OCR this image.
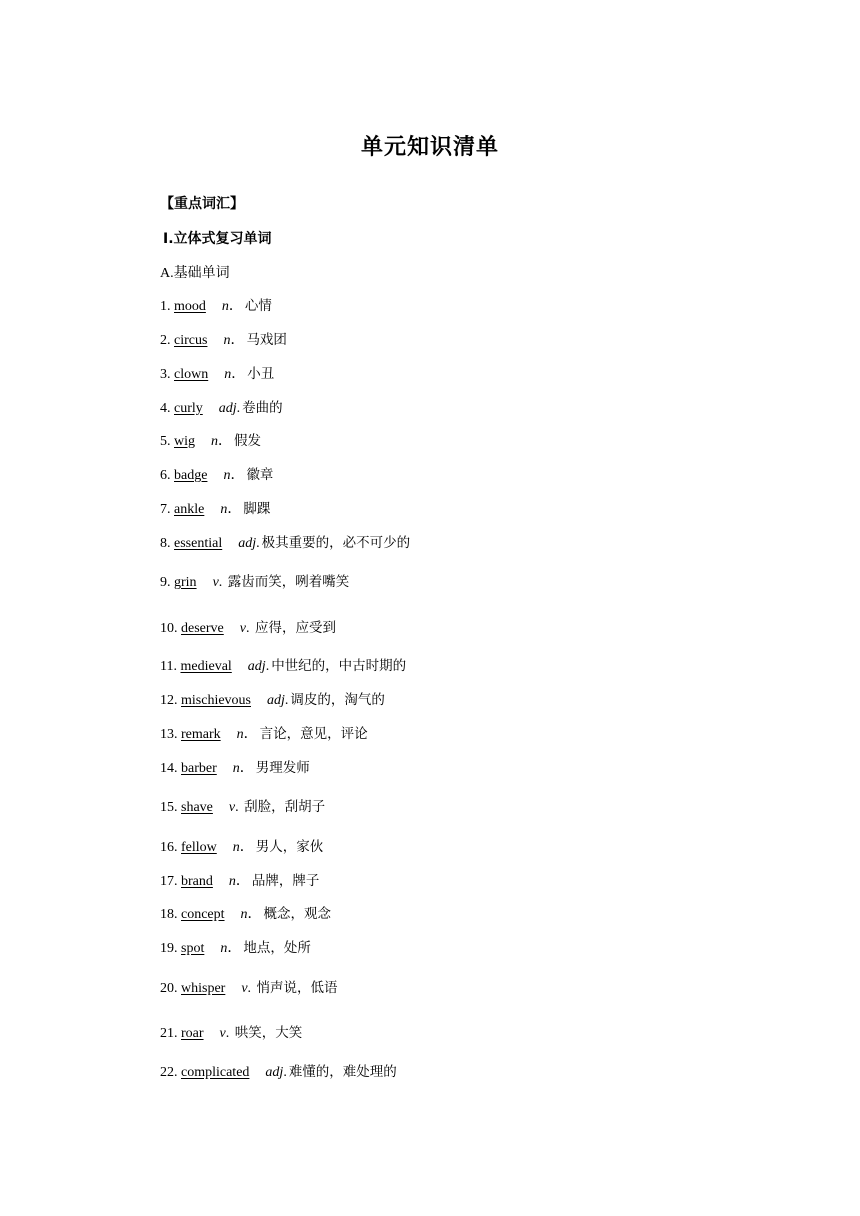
单元知识清单
【重点词汇】
Ⅰ.立体式复习单词
A.基础单词
1. mood n． 心情
2. circus n． 马戏团
3. clown n． 小丑
4. curly adj. 卷曲的
5. wig n． 假发
6. badge n． 徽章
7. ankle n． 脚踝
8. essential adj. 极其重要的，必不可少的
9. grin v. 露齿而笑，咧着嘴笑
10. deserve v. 应得，应受到
11. medieval adj. 中世纪的，中古时期的
12. mischievous adj. 调皮的，淘气的
13. remark n． 言论，意见，评论
14. barber n． 男理发师
15. shave v. 刮脸，刮胡子
16. fellow n． 男人，家伙
17. brand n． 品牌，牌子
18. concept n． 概念，观念
19. spot n． 地点，处所
20. whisper v. 悄声说，低语
21. roar v. 哄笑，大笑
22. complicated adj. 难懂的，难处理的
